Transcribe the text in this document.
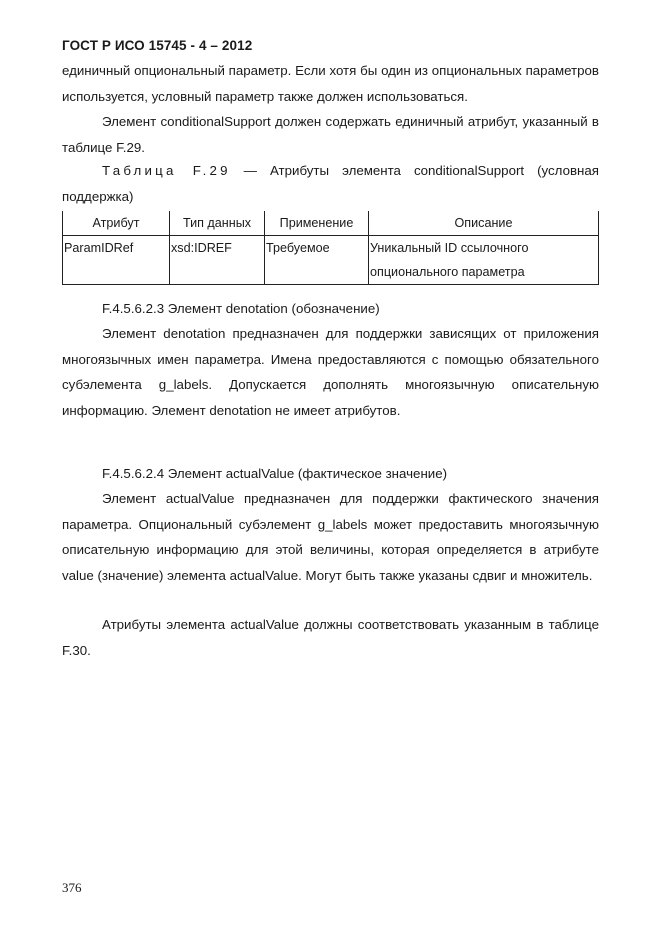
ГОСТ Р ИСО 15745 - 4 – 2012

единичный опциональный параметр. Если хотя бы один из опциональных параметров используется, условный параметр также должен использоваться.

Элемент conditionalSupport должен содержать единичный атрибут, указанный в таблице F.29.

Таблица F.29 — Атрибуты элемента conditionalSupport (условная поддержка)

Атрибут	Тип данных	Применение	Описание
ParamIDRef	xsd:IDREF	Требуемое	Уникальный ID ссылочного опционального параметра

F.4.5.6.2.3 Элемент denotation (обозначение)

Элемент denotation предназначен для поддержки зависящих от приложения многоязычных имен параметра. Имена предоставляются с помощью обязательного субэлемента g_labels. Допускается дополнять многоязычную описательную информацию. Элемент denotation не имеет атрибутов.

F.4.5.6.2.4 Элемент actualValue (фактическое значение)

Элемент actualValue предназначен для поддержки фактического значения параметра. Опциональный субэлемент g_labels может предоставить многоязычную описательную информацию для этой величины, которая определяется в атрибуте value (значение) элемента actualValue. Могут быть также указаны сдвиг и множитель.

Атрибуты элемента actualValue должны соответствовать указанным в таблице F.30.

376
